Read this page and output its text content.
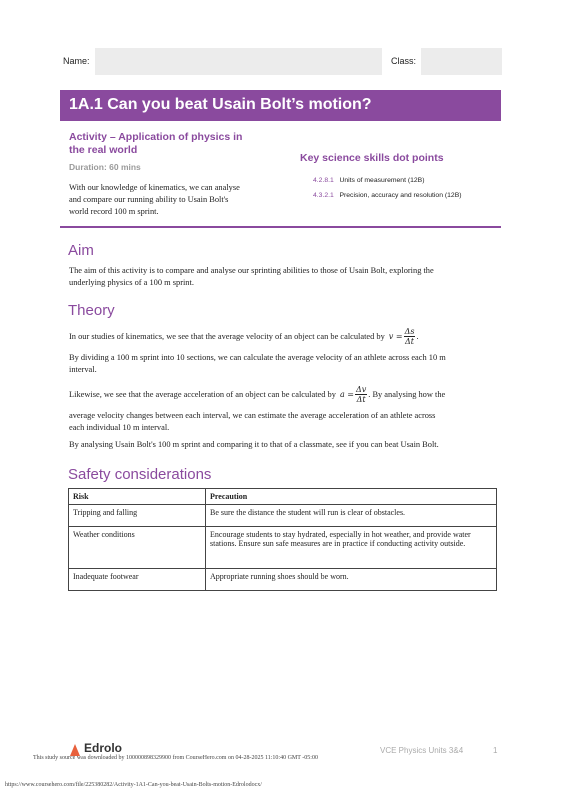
Name:	Class:
1A.1 Can you beat Usain Bolt’s motion?
Activity – Application of physics in
the real world
Duration: 60 mins
With our knowledge of kinematics, we can analyse
and compare our running ability to Usain Bolt's
world record 100 m sprint.
Key science skills dot points
4.2.8.1 Units of measurement (12B)
4.3.2.1 Precision, accuracy and resolution (12B)
Aim
The aim of this activity is to compare and analyse our sprinting abilities to those of Usain Bolt, exploring the
underlying physics of a 100 m sprint.
Theory
In our studies of kinematics, we see that the average velocity of an object can be calculated by $v = \frac{\Delta s}{\Delta t}$ .
By dividing a 100 m sprint into 10 sections, we can calculate the average velocity of an athlete across each 10 m
interval.
Likewise, we see that the average acceleration of an object can be calculated by $a = \frac{\Delta v}{\Delta t}$ . By analysing how the
average velocity changes between each interval, we can estimate the average acceleration of an athlete across
each individual 10 m interval.
By analysing Usain Bolt's 100 m sprint and comparing it to that of a classmate, see if you can beat Usain Bolt.
Safety considerations
Risk	Precaution
Tripping and falling	Be sure the distance the student will run is clear of obstacles.
Weather conditions	Encourage students to stay hydrated, especially in hot weather, and provide water stations. Ensure sun safe measures are in practice if conducting activity outside.
Inadequate footwear	Appropriate running shoes should be worn.
Edrolo	VCE Physics Units 3&4	1
This study source was downloaded by 100000898329900 from CourseHero.com on 04-28-2025 11:10:40 GMT -05:00
https://www.coursehero.com/file/225380282/Activity-1A1-Can-you-beat-Usain-Bolts-motion-Edrolodocx/
